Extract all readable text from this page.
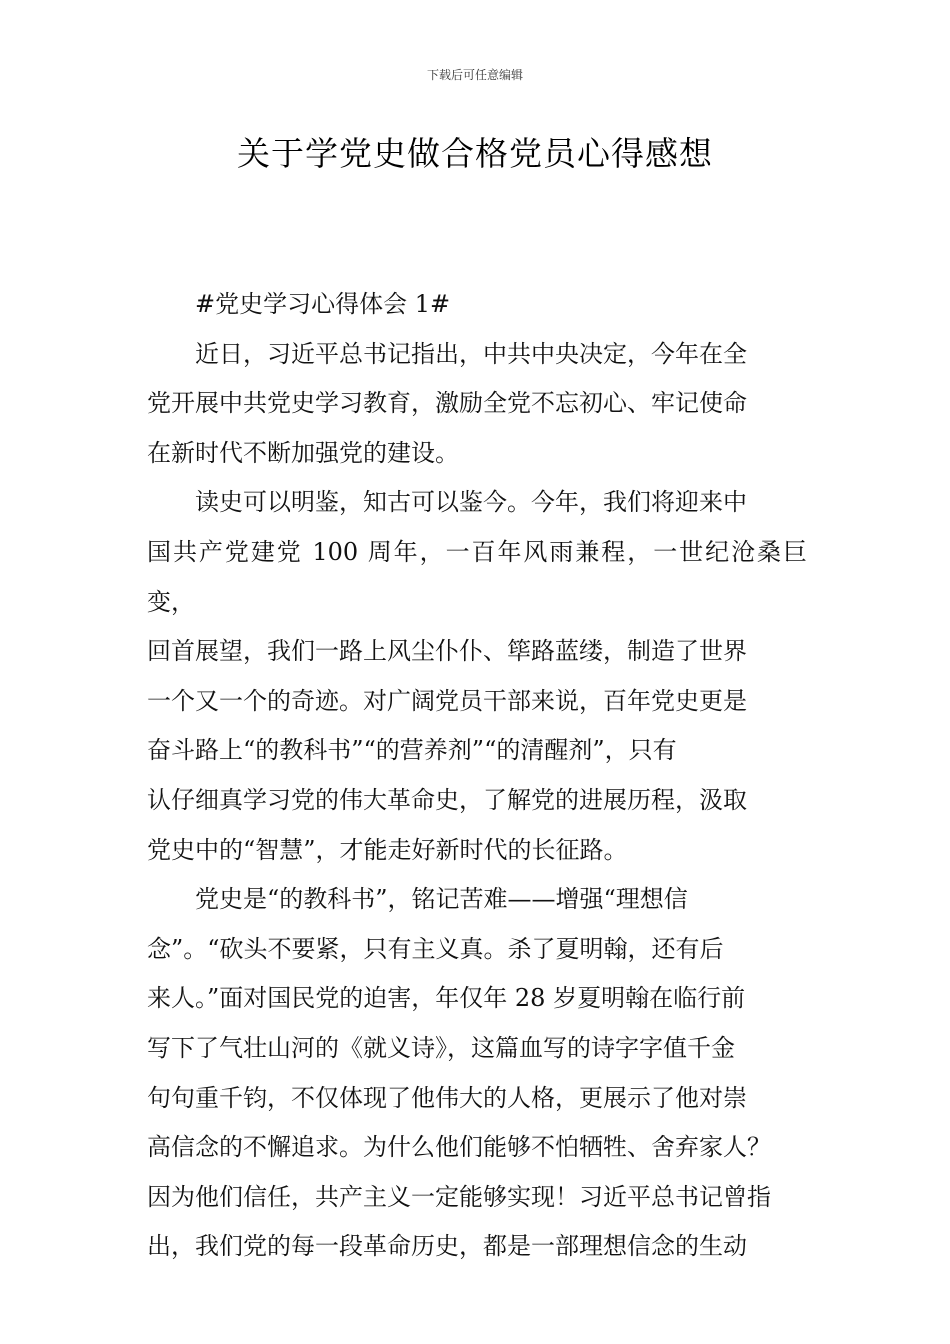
下载后可任意编辑
关于学党史做合格党员心得感想

#党史学习心得体会 1#

近日，习近平总书记指出，中共中央决定，今年在全
党开展中共党史学习教育，激励全党不忘初心、牢记使命
在新时代不断加强党的建设。

读史可以明鉴，知古可以鉴今。今年，我们将迎来中
国共产党建党 100 周年，一百年风雨兼程，一世纪沧桑巨变，
回首展望，我们一路上风尘仆仆、筚路蓝缕，制造了世界
一个又一个的奇迹。对广阔党员干部来说，百年党史更是
奋斗路上“的教科书”“的营养剂”“的清醒剂”，只有
认仔细真学习党的伟大革命史，了解党的进展历程，汲取
党史中的“智慧”，才能走好新时代的长征路。

党史是“的教科书”，铭记苦难——增强“理想信
念”。“砍头不要紧，只有主义真。杀了夏明翰，还有后
来人。”面对国民党的迫害，年仅年 28 岁夏明翰在临行前
写下了气壮山河的《就义诗》，这篇血写的诗字字值千金
句句重千钧，不仅体现了他伟大的人格，更展示了他对崇
高信念的不懈追求。为什么他们能够不怕牺牲、舍弃家人？
因为他们信任，共产主义一定能够实现！习近平总书记曾指
出，我们党的每一段革命历史，都是一部理想信念的生动
